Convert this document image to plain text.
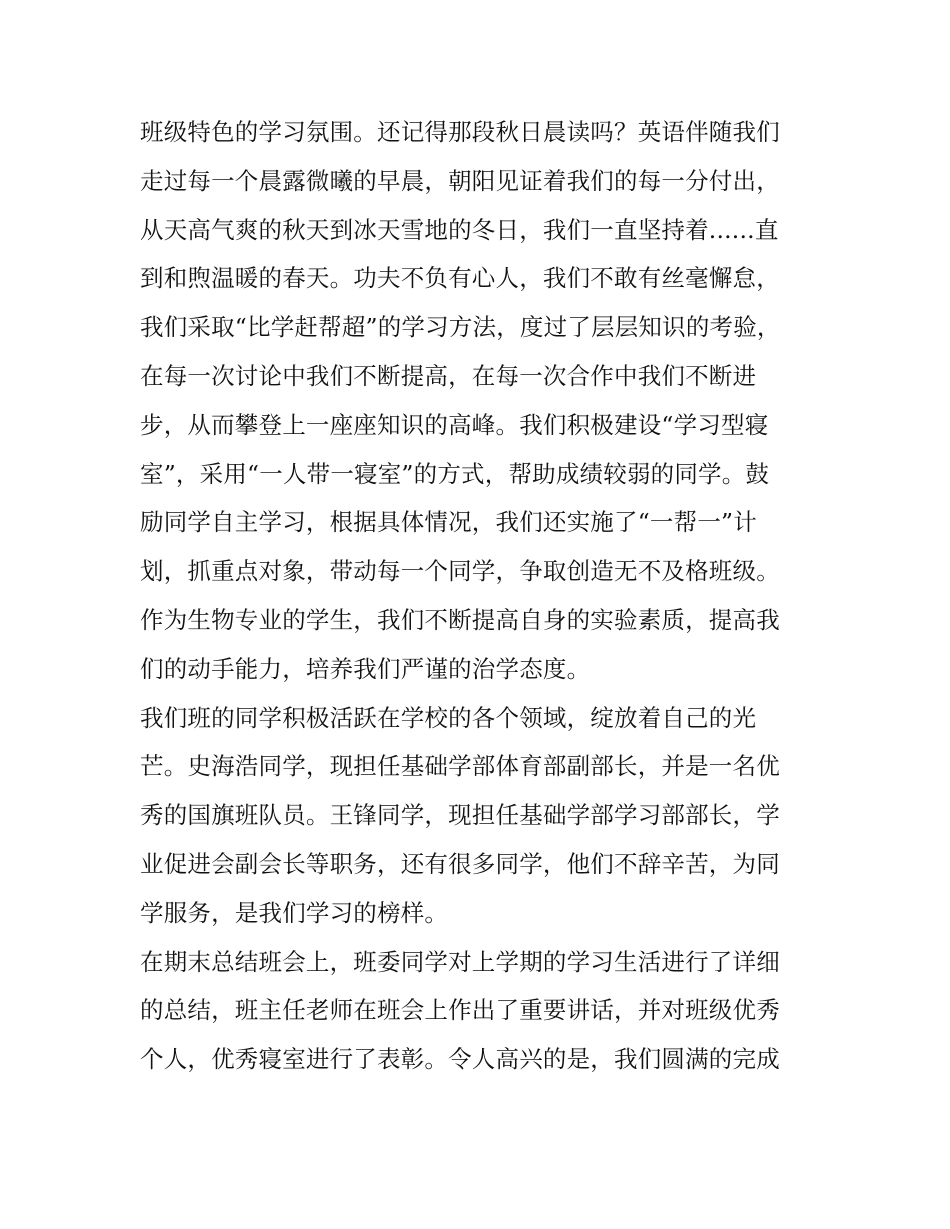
班级特色的学习氛围。还记得那段秋日晨读吗？英语伴随我们
走过每一个晨露微曦的早晨，朝阳见证着我们的每一分付出，
从天高气爽的秋天到冰天雪地的冬日，我们一直坚持着......直
到和煦温暖的春天。功夫不负有心人，我们不敢有丝毫懈怠，
我们采取“比学赶帮超”的学习方法，度过了层层知识的考验，
在每一次讨论中我们不断提高，在每一次合作中我们不断进
步，从而攀登上一座座知识的高峰。我们积极建设“学习型寝
室”，采用“一人带一寝室”的方式，帮助成绩较弱的同学。鼓
励同学自主学习，根据具体情况，我们还实施了“一帮一”计
划，抓重点对象，带动每一个同学，争取创造无不及格班级。
作为生物专业的学生，我们不断提高自身的实验素质，提高我
们的动手能力，培养我们严谨的治学态度。
我们班的同学积极活跃在学校的各个领域，绽放着自己的光
芒。史海浩同学，现担任基础学部体育部副部长，并是一名优
秀的国旗班队员。王锋同学，现担任基础学部学习部部长，学
业促进会副会长等职务，还有很多同学，他们不辞辛苦，为同
学服务，是我们学习的榜样。
在期末总结班会上，班委同学对上学期的学习生活进行了详细
的总结，班主任老师在班会上作出了重要讲话，并对班级优秀
个人，优秀寝室进行了表彰。令人高兴的是，我们圆满的完成
